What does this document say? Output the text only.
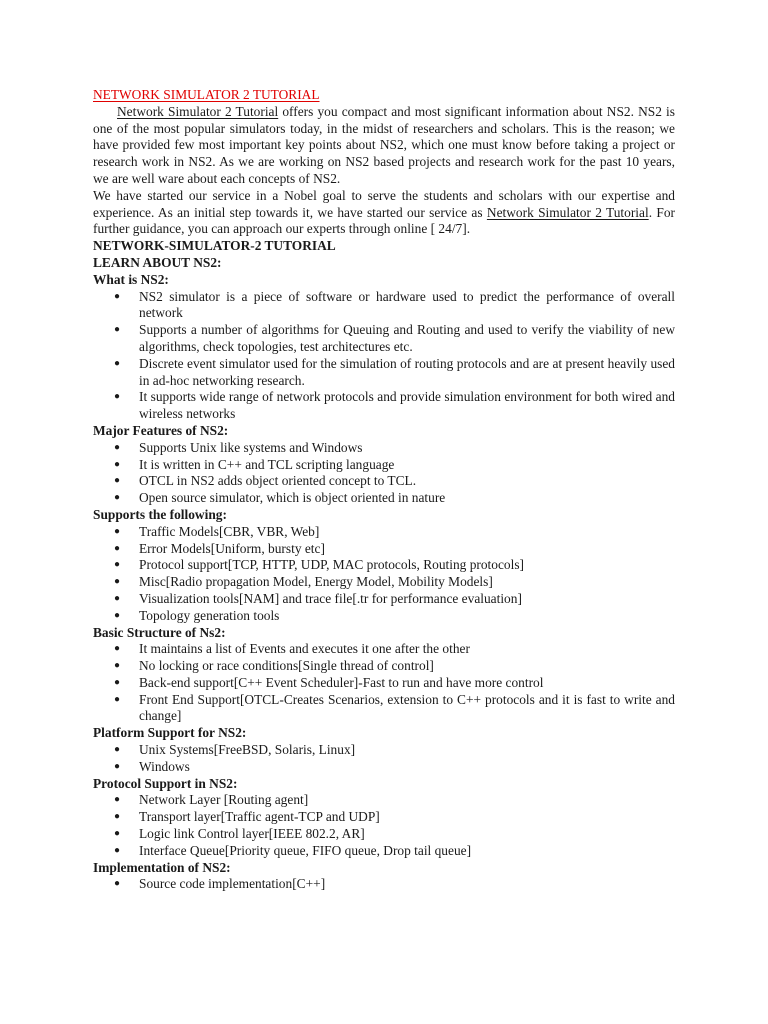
NETWORK SIMULATOR 2 TUTORIAL

Network Simulator 2 Tutorial offers you compact and most significant information about NS2. NS2 is one of the most popular simulators today, in the midst of researchers and scholars. This is the reason; we have provided few most important key points about NS2, which one must know before taking a project or research work in NS2. As we are working on NS2 based projects and research work for the past 10 years, we are well ware about each concepts of NS2.

We have started our service in a Nobel goal to serve the students and scholars with our expertise and experience. As an initial step towards it, we have started our service as Network Simulator 2 Tutorial. For further guidance, you can approach our experts through online [ 24/7].

NETWORK-SIMULATOR-2 TUTORIAL

LEARN ABOUT NS2:

What is NS2:

● NS2 simulator is a piece of software or hardware used to predict the performance of overall network
● Supports a number of algorithms for Queuing and Routing and used to verify the viability of new algorithms, check topologies, test architectures etc.
● Discrete event simulator used for the simulation of routing protocols and are at present heavily used in ad-hoc networking research.
● It supports wide range of network protocols and provide simulation environment for both wired and wireless networks

Major Features of NS2:

● Supports Unix like systems and Windows
● It is written in C++ and TCL scripting language
● OTCL in NS2 adds object oriented concept to TCL.
● Open source simulator, which is object oriented in nature

Supports the following:

● Traffic Models[CBR, VBR, Web]
● Error Models[Uniform, bursty etc]
● Protocol support[TCP, HTTP, UDP, MAC protocols, Routing protocols]
● Misc[Radio propagation Model, Energy Model, Mobility Models]
● Visualization tools[NAM] and trace file[.tr for performance evaluation]
● Topology generation tools

Basic Structure of Ns2:

● It maintains a list of Events and executes it one after the other
● No locking or race conditions[Single thread of control]
● Back-end support[C++ Event Scheduler]-Fast to run and have more control
● Front End Support[OTCL-Creates Scenarios, extension to C++ protocols and it is fast to write and change]

Platform Support for NS2:

● Unix Systems[FreeBSD, Solaris, Linux]
● Windows

Protocol Support in NS2:

● Network Layer [Routing agent]
● Transport layer[Traffic agent-TCP and UDP]
● Logic link Control layer[IEEE 802.2, AR]
● Interface Queue[Priority queue, FIFO queue, Drop tail queue]

Implementation of NS2:

● Source code implementation[C++]
